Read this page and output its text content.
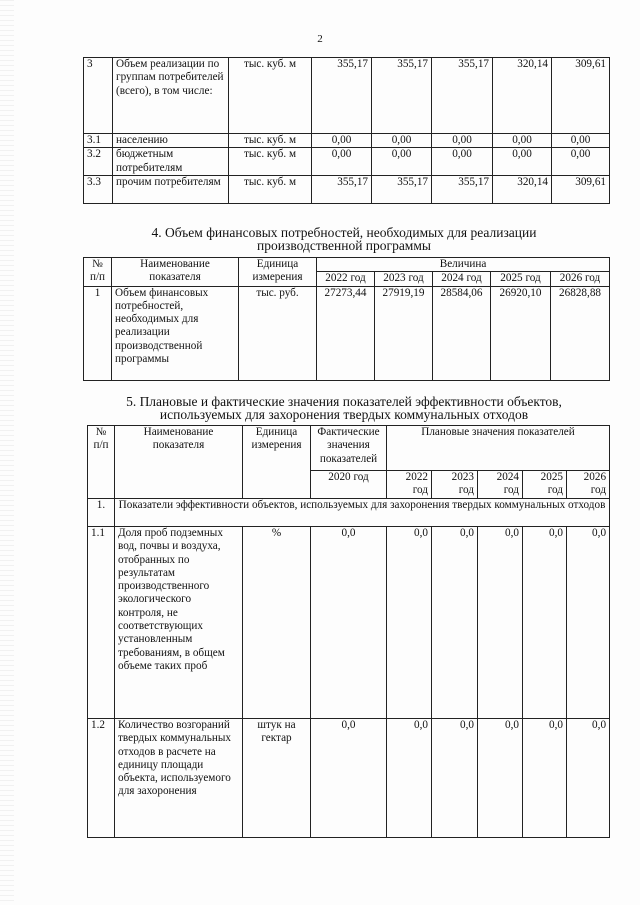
2
3	Объем реализации по группам потребителей (всего), в том числе:	тыс. куб. м	355,17	355,17	355,17	320,14	309,61
3.1	населению	тыс. куб. м	0,00	0,00	0,00	0,00	0,00
3.2	бюджетным потребителям	тыс. куб. м	0,00	0,00	0,00	0,00	0,00
3.3	прочим потребителям	тыс. куб. м	355,17	355,17	355,17	320,14	309,61
4. Объем финансовых потребностей, необходимых для реализации
производственной программы
№ п/п	Наименование показателя	Единица измерения	Величина				
			2022 год	2023 год	2024 год	2025 год	2026 год
1	Объем финансовых потребностей, необходимых для реализации производственной программы	тыс. руб.	27273,44	27919,19	28584,06	26920,10	26828,88
5. Плановые и фактические значения показателей эффективности объектов,
используемых для захоронения твердых коммунальных отходов
№ п/п	Наименование показателя	Единица измерения	Фактические значения показателей	Плановые значения показателей				
			2020 год	2022 год	2023 год	2024 год	2025 год	2026 год
1.	Показатели эффективности объектов, используемых для захоронения твердых коммунальных отходов							
1.1	Доля проб подземных вод, почвы и воздуха, отобранных по результатам производственного экологического контроля, не соответствующих установленным требованиям, в общем объеме таких проб	%	0,0	0,0	0,0	0,0	0,0	0,0
1.2	Количество возгораний твердых коммунальных отходов в расчете на единицу площади объекта, используемого для захоронения	штук на гектар	0,0	0,0	0,0	0,0	0,0	0,0
